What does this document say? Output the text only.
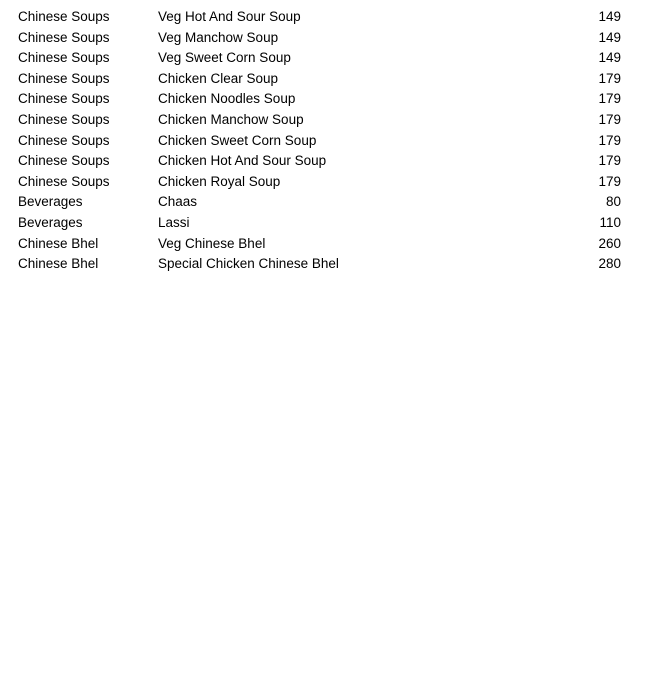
Chinese Soups	Veg Hot And Sour Soup	149
Chinese Soups	Veg Manchow Soup	149
Chinese Soups	Veg Sweet Corn Soup	149
Chinese Soups	Chicken Clear Soup	179
Chinese Soups	Chicken Noodles Soup	179
Chinese Soups	Chicken Manchow Soup	179
Chinese Soups	Chicken Sweet Corn Soup	179
Chinese Soups	Chicken Hot And Sour Soup	179
Chinese Soups	Chicken Royal Soup	179
Beverages	Chaas	80
Beverages	Lassi	110
Chinese Bhel	Veg Chinese Bhel	260
Chinese Bhel	Special Chicken Chinese Bhel	280
